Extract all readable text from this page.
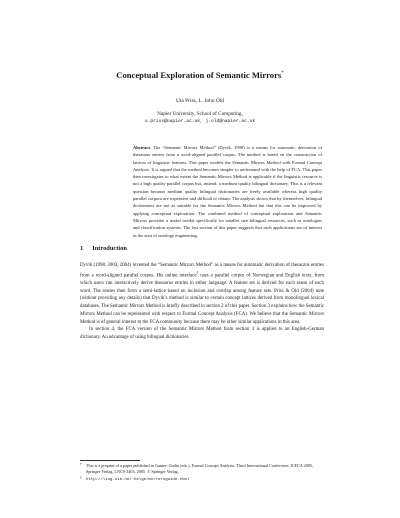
Conceptual Exploration of Semantic Mirrors*
Uta Priss, L. John Old
Napier University, School of Computing,
u.priss@napier.ac.uk, j.old@napier.ac.uk
Abstract. The “Semantic Mirrors Method” (Dyvik, 1998) is a means for automatic derivation of thesaurus entries from a word-aligned parallel corpus. The method is based on the construction of lattices of linguistic features. This paper models the Semantic Mirrors Method with Formal Concept Analysis. It is argued that the method becomes simpler to understand with the help of FCA. This paper then investigates to what extent the Semantic Mirrors Method is applicable if the linguistic resource is not a high quality parallel corpus but, instead, a medium quality bilingual dictionary. This is a relevant question because medium quality bilingual dictionaries are freely available whereas high quality parallel corpora are expensive and difficult to obtain. The analysis shows that by themselves, bilingual dictionaries are not as suitable for the Semantic Mirrors Method but that this can be improved by applying conceptual exploration. The combined method of conceptual exploration and Semantic Mirrors provides a useful toolkit specifically for smaller size bilingual resources, such as ontologies and classification systems. The last section of this paper suggests that such applications are of interest in the area of ontology engineering.
1 Introduction

Dyvik (1998, 2003, 2004) invented the “Semantic Mirrors Method” as a means for automatic derivation of thesaurus entries from a word-aligned parallel corpus. His online interface$^1$ uses a parallel corpus of Norwegian and English texts, from which users can interactively derive thesaurus entries in either language. A feature set is derived for each sense of each word. The senses then form a semi-lattice based on inclusion and overlap among feature sets. Priss & Old (2004) note (without providing any details) that Dyvik’s method is similar to certain concept lattices derived from monolingual lexical databases. The Semantic Mirrors Method is briefly described in section 2 of this paper. Section 3 explains how the Semantic Mirrors Method can be represented with respect to Formal Concept Analysis (FCA). We believe that the Semantic Mirrors Method is of general interest to the FCA community because there may be other similar applications in this area.

In section 4, the FCA version of the Semantic Mirrors Method from section 3 is applied to an English-German dictionary. An advantage of using bilingual dictionaries

* This is a preprint of a paper published in Ganter; Godin (eds.), Formal Concept Analysis: Third International Conference, ICFCA 2005, Springer Verlag, LNCS 3403, 2005. © Springer Verlag.
1 http://ling.uib.no/~helge/mirrorsguide.html
